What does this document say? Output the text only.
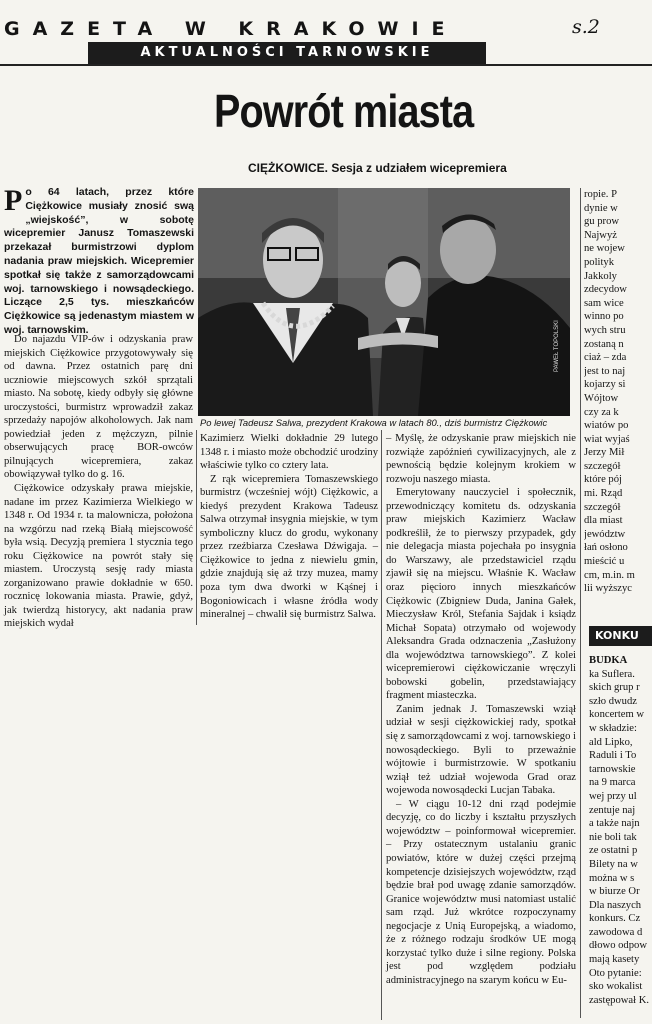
GAZETA W KRAKOWIE	s.2
AKTUALNOŚCI TARNOWSKIE
Powrót miasta
CIĘŻKOWICE. Sesja z udziałem wicepremiera
Po 64 latach, przez które Ciężkowice musiały znosić swą „wiejskość”, w sobotę wicepremier Janusz Tomaszewski przekazał burmistrzowi dyplom nadania praw miejskich. Wicepremier spotkał się także z samorządowcami woj. tarnowskiego i nowsądeckiego. Liczące 2,5 tys. mieszkańców Ciężkowice są jedenastym miastem w woj. tarnowskim.	PAWEŁ TOPOLSKI
Po lewej Tadeusz Salwa, prezydent Krakowa w latach 80., dziś burmistrz Ciężkowic

Do najazdu VIP-ów i odzyskania praw miejskich Ciężkowice przygotowywały się od dawna. Przez ostatnich parę dni uczniowie miejscowych szkół sprzątali miasto. Na sobotę, kiedy odbyły się główne uroczystości, burmistrz wprowadził zakaz sprzedaży napojów alkoholowych. Jak nam powiedział jeden z mężczyzn, pilnie obserwujących pracę BOR-owców pilnujących wicepremiera, zakaz obowiązywał tylko do g. 16.

Ciężkowice odzyskały prawa miejskie, nadane im przez Kazimierza Wielkiego w 1348 r. Od 1934 r. ta malownicza, położona na wzgórzu nad rzeką Białą miejscowość była wsią. Decyzją premiera 1 stycznia tego roku Ciężkowice na powrót stały się miastem. Uroczystą sesję rady miasta zorganizowano prawie dokładnie w 650. rocznicę lokowania miasta. Prawie, gdyż, jak twierdzą historycy, akt nadania praw miejskich wydał

Kazimierz Wielki dokładnie 29 lutego 1348 r. i miasto może obchodzić urodziny właściwie tylko co cztery lata.

Z rąk wicepremiera Tomaszewskiego burmistrz (wcześniej wójt) Ciężkowic, a kiedyś prezydent Krakowa Tadeusz Salwa otrzymał insygnia miejskie, w tym symboliczny klucz do grodu, wykonany przez rzeźbiarza Czesława Dźwigaja. – Ciężkowice to jedna z niewielu gmin, gdzie znajdują się aż trzy muzea, mamy poza tym dwa dworki w Kąśnej i Bogoniowicach i własne źródła wody mineralnej – chwalił się burmistrz Salwa.

– Myślę, że odzyskanie praw miejskich nie rozwiąże zapóźnień cywilizacyjnych, ale z pewnością będzie kolejnym krokiem w rozwoju naszego miasta.

Emerytowany nauczyciel i społecznik, przewodniczący komitetu ds. odzyskania praw miejskich Kazimierz Wacław podkreślił, że to pierwszy przypadek, gdy nie delegacja miasta pojechała po insygnia do Warszawy, ale przedstawiciel rządu zjawił się na miejscu. Właśnie K. Wacław oraz pięcioro innych mieszkańców Ciężkowic (Zbigniew Duda, Janina Gałek, Mieczysław Król, Stefania Sajdak i ksiądz Michał Sopata) otrzymało od wojewody Aleksandra Grada odznaczenia „Zasłużony dla województwa tarnowskiego”. Z kolei wicepremierowi ciężkowiczanie wręczyli bobowski gobelin, przedstawiający fragment miasteczka.

Zanim jednak J. Tomaszewski wziął udział w sesji ciężkowickiej rady, spotkał się z samorządowcami z woj. tarnowskiego i nowosądeckiego. Byli to przeważnie wójtowie i burmistrzowie. W spotkaniu wziął też udział wojewoda Grad oraz wojewoda nowosądecki Lucjan Tabaka.

– W ciągu 10-12 dni rząd podejmie decyzję, co do liczby i kształtu przyszłych województw – poinformował wicepremier. – Przy ostatecznym ustalaniu granic powiatów, które w dużej części przejmą kompetencje dzisiejszych województw, rząd będzie brał pod uwagę zdanie samorządów. Granice województw musi natomiast ustalić sam rząd. Już wkrótce rozpoczynamy negocjacje z Unią Europejską, a wiadomo, że z różnego rodzaju środków UE mogą korzystać tylko duże i silne regiony. Polska jest pod względem podziału administracyjnego na szarym końcu w Eu-

ropie. P
dynie w
gu prow
Najwyż
ne wojew
polityk
Jakkoly
zdecydow
sam wice
winno po
wych stru
zostaną n
ciaż – zda
jest to naj
kojarzy si
Wójtow
czy za k
wiatów po
wiat wyjaś
Jerzy Mił
szczegół
które pój
mi. Rząd
szczegół
dla miast
jewództw
łań osłono
mieścić u
cm, m.in. m
lii wyższyc
KONKU
BUDKA
ka Suflera.
skich grup r
szło dwudz
koncertem w
w składzie:
ald Lipko,
Raduli i To
tarnowskie
na 9 marca
wej przy ul
zentuje naj
a także najn
nie boli tak
ze ostatni p
Bilety na w
można w s
w biurze Or
Dla naszych
konkurs. Cz
zawodowa d
dłowo odpow
mają kasety
Oto pytanie:
sko wokalist
zastępował K.
